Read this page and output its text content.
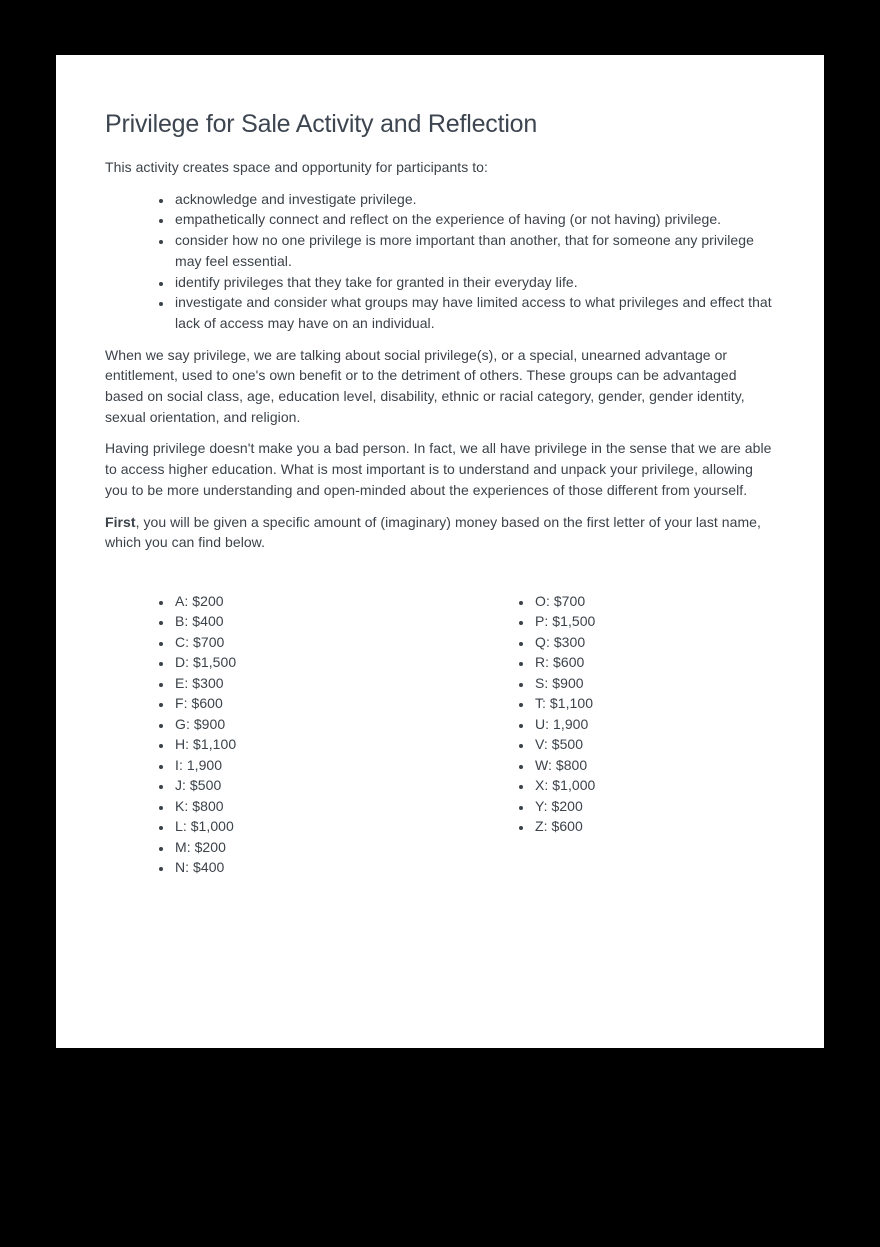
Privilege for Sale Activity and Reflection

This activity creates space and opportunity for participants to:

• acknowledge and investigate privilege.
• empathetically connect and reflect on the experience of having (or not having) privilege.
• consider how no one privilege is more important than another, that for someone any privilege may feel essential.
• identify privileges that they take for granted in their everyday life.
• investigate and consider what groups may have limited access to what privileges and effect that lack of access may have on an individual.

When we say privilege, we are talking about social privilege(s), or a special, unearned advantage or entitlement, used to one's own benefit or to the detriment of others. These groups can be advantaged based on social class, age, education level, disability, ethnic or racial category, gender, gender identity, sexual orientation, and religion.

Having privilege doesn't make you a bad person. In fact, we all have privilege in the sense that we are able to access higher education. What is most important is to understand and unpack your privilege, allowing you to be more understanding and open-minded about the experiences of those different from yourself.

First, you will be given a specific amount of (imaginary) money based on the first letter of your last name, which you can find below.

• A: $200
• B: $400
• C: $700
• D: $1,500
• E: $300
• F: $600
• G: $900
• H: $1,100
• I: 1,900
• J: $500
• K: $800
• L: $1,000
• M: $200
• N: $400
• O: $700
• P: $1,500
• Q: $300
• R: $600
• S: $900
• T: $1,100
• U: 1,900
• V: $500
• W: $800
• X: $1,000
• Y: $200
• Z: $600
